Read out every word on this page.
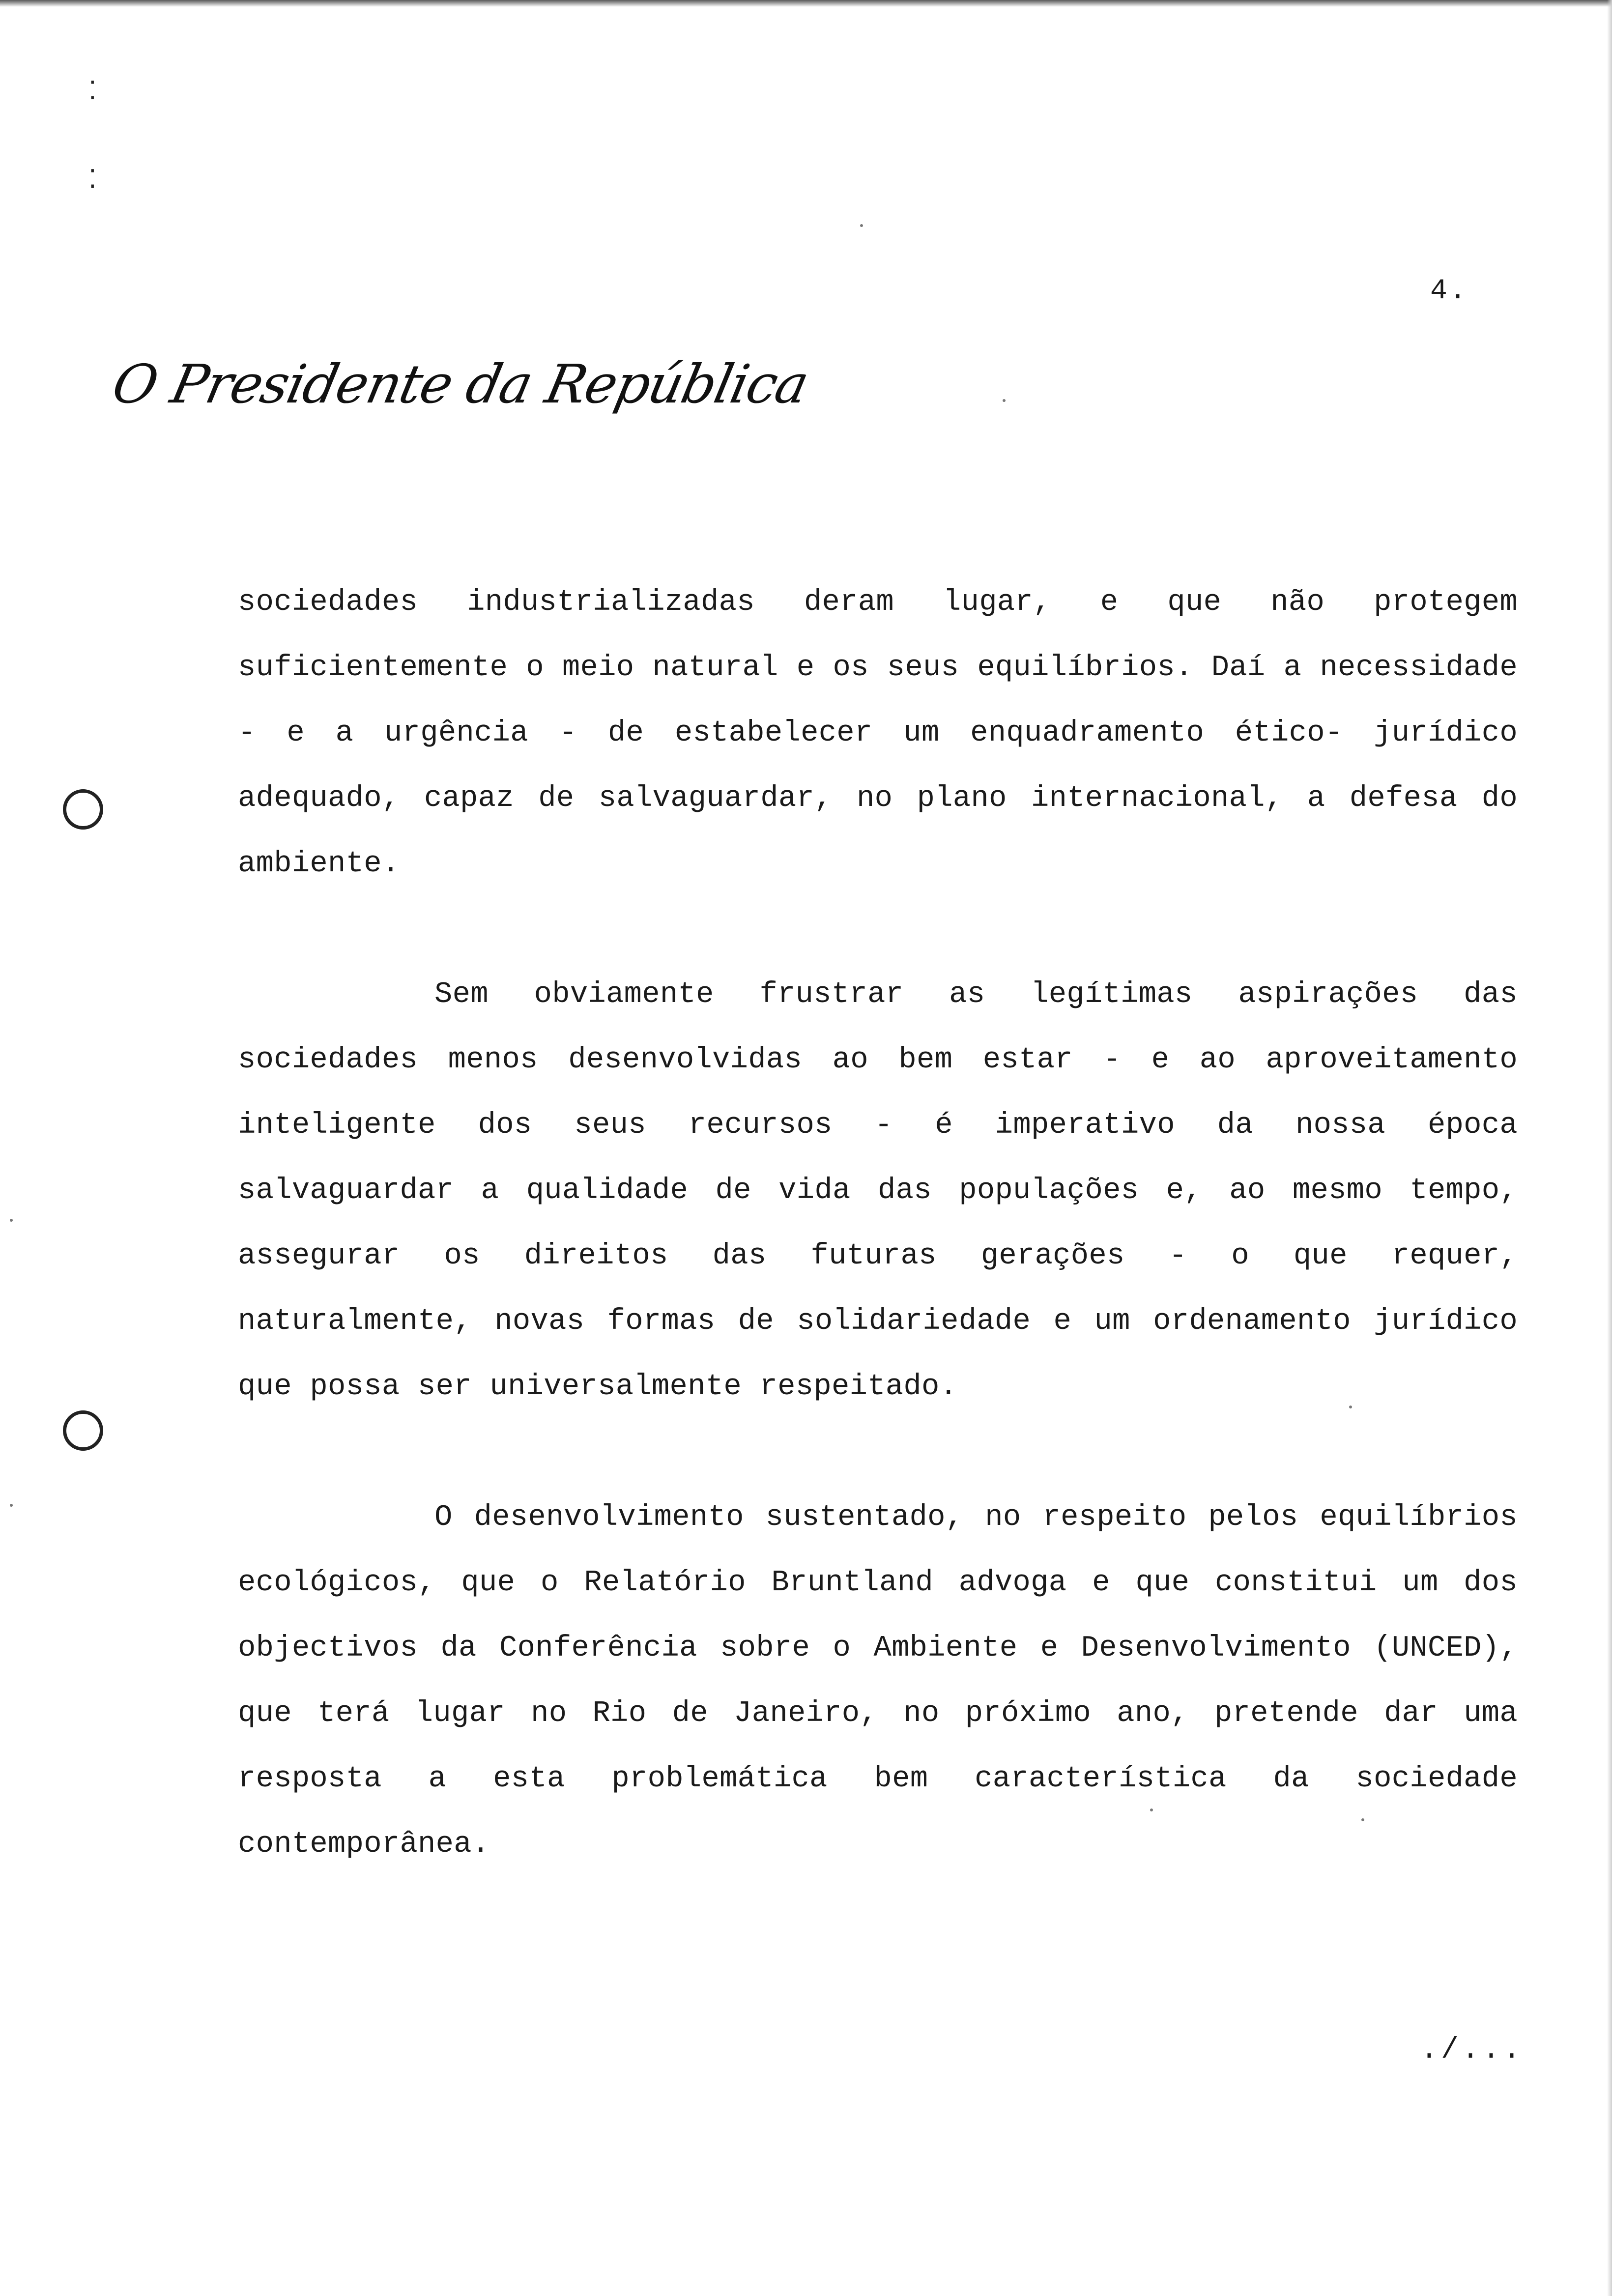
⁚
⁚
4.
O Presidente da República

sociedades industrializadas deram lugar, e que não protegem suficientemente o meio natural e os seus equilíbrios. Daí a necessidade - e a urgência - de estabelecer um enquadramento ético- jurídico adequado, capaz de salvaguardar, no plano internacional, a defesa do ambiente.

Sem obviamente frustrar as legítimas aspirações das sociedades menos desenvolvidas ao bem estar - e ao aproveitamento inteligente dos seus recursos - é imperativo da nossa época salvaguardar a qualidade de vida das populações e, ao mesmo tempo, assegurar os direitos das futuras gerações - o que requer, naturalmente, novas formas de solidariedade e um ordenamento jurídico que possa ser universalmente respeitado.

O desenvolvimento sustentado, no respeito pelos equilíbrios ecológicos, que o Relatório Bruntland advoga e que constitui um dos objectivos da Conferência sobre o Ambiente e Desenvolvimento (UNCED), que terá lugar no Rio de Janeiro, no próximo ano, pretende dar uma resposta a esta problemática bem característica da sociedade contemporânea.

./...
